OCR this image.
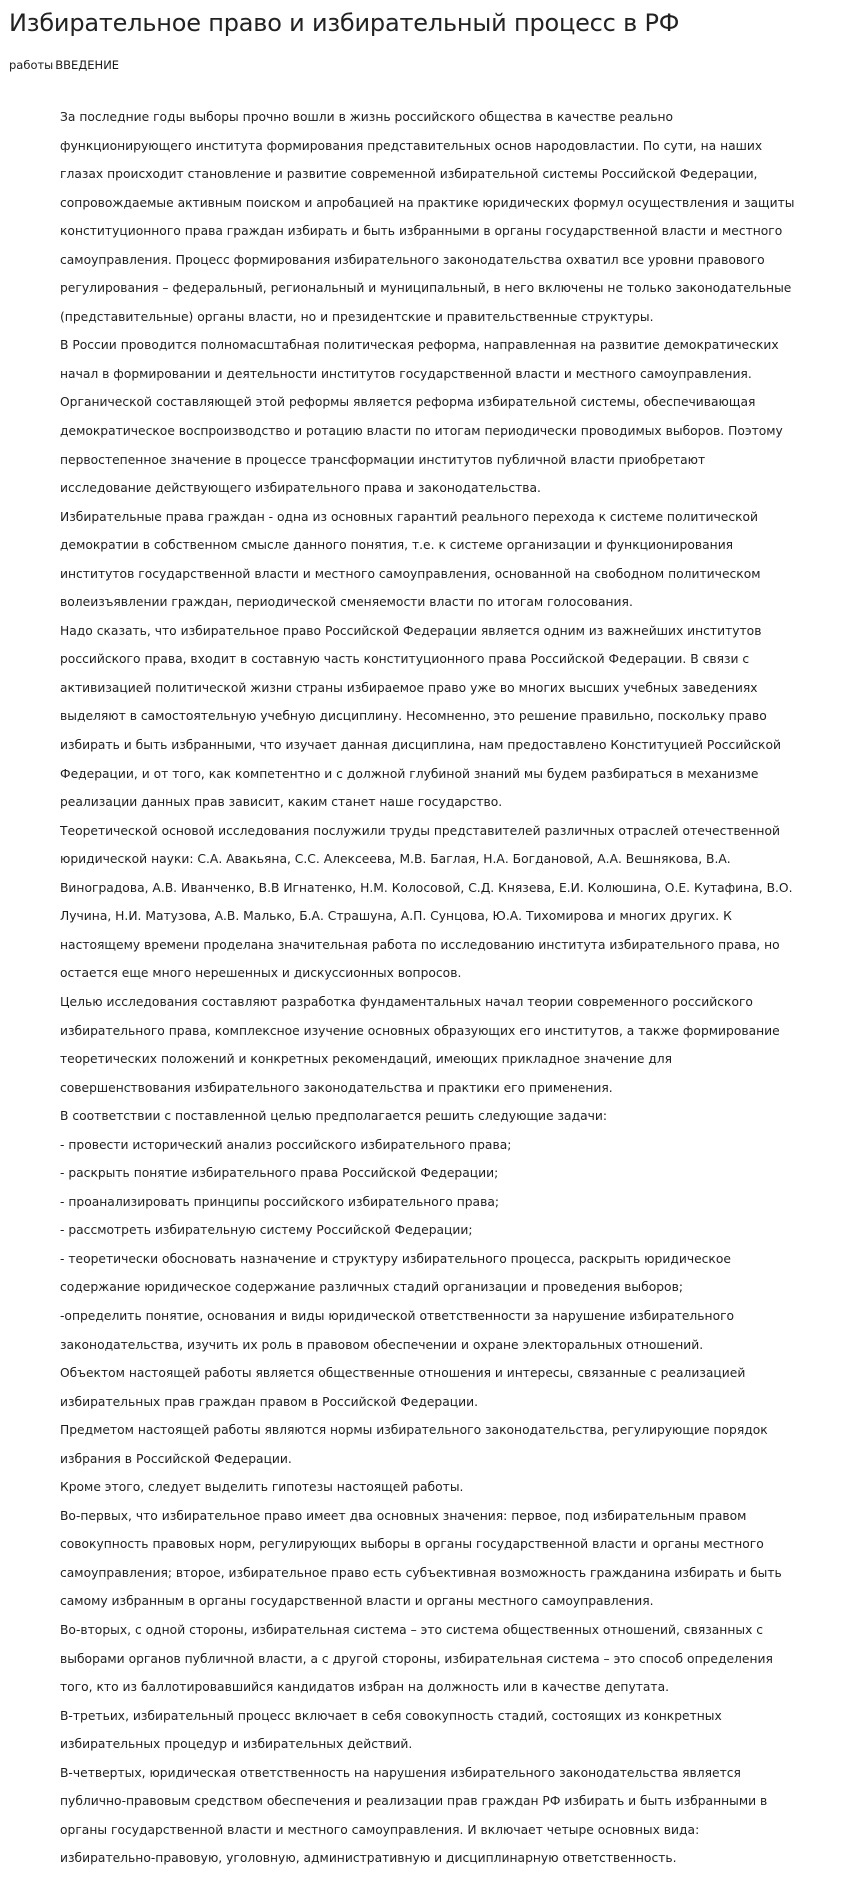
Избирательное право и избирательный процесс в РФ
работы ВВЕДЕНИЕ

За последние годы выборы прочно вошли в жизнь российского общества в качестве реально

функционирующего института формирования представительных основ народовластии. По сути, на наших

глазах происходит становление и развитие современной избирательной системы Российской Федерации,

сопровождаемые активным поиском и апробацией на практике юридических формул осуществления и защиты

конституционного права граждан избирать и быть избранными в органы государственной власти и местного

самоуправления. Процесс формирования избирательного законодательства охватил все уровни правового

регулирования – федеральный, региональный и муниципальный, в него включены не только законодательные

(представительные) органы власти, но и президентские и правительственные структуры.

В России проводится полномасштабная политическая реформа, направленная на развитие демократических

начал в формировании и деятельности институтов государственной власти и местного самоуправления.

Органической составляющей этой реформы является реформа избирательной системы, обеспечивающая

демократическое воспроизводство и ротацию власти по итогам периодически проводимых выборов. Поэтому

первостепенное значение в процессе трансформации институтов публичной власти приобретают

исследование действующего избирательного права и законодательства.

Избирательные права граждан - одна из основных гарантий реального перехода к системе политической

демократии в собственном смысле данного понятия, т.е. к системе организации и функционирования

институтов государственной власти и местного самоуправления, основанной на свободном политическом

волеизъявлении граждан, периодической сменяемости власти по итогам голосования.

Надо сказать, что избирательное право Российской Федерации является одним из важнейших институтов

российского права, входит в составную часть конституционного права Российской Федерации. В связи с

активизацией политической жизни страны избираемое право уже во многих высших учебных заведениях

выделяют в самостоятельную учебную дисциплину. Несомненно, это решение правильно, поскольку право

избирать и быть избранными, что изучает данная дисциплина, нам предоставлено Конституцией Российской

Федерации, и от того, как компетентно и с должной глубиной знаний мы будем разбираться в механизме

реализации данных прав зависит, каким станет наше государство.

Теоретической основой исследования послужили труды представителей различных отраслей отечественной

юридической науки: С.А. Авакьяна, С.С. Алексеева, М.В. Баглая, Н.А. Богдановой, А.А. Вешнякова, В.А.

Виноградова, А.В. Иванченко, В.В Игнатенко, Н.М. Колосовой, С.Д. Князева, Е.И. Колюшина, О.Е. Кутафина, В.О.

Лучина, Н.И. Матузова, А.В. Малько, Б.А. Страшуна, А.П. Сунцова, Ю.А. Тихомирова и многих других. К

настоящему времени проделана значительная работа по исследованию института избирательного права, но

остается еще много нерешенных и дискуссионных вопросов.

Целью исследования составляют разработка фундаментальных начал теории современного российского

избирательного права, комплексное изучение основных образующих его институтов, а также формирование

теоретических положений и конкретных рекомендаций, имеющих прикладное значение для

совершенствования избирательного законодательства и практики его применения.

В соответствии с поставленной целью предполагается решить следующие задачи:

- провести исторический анализ российского избирательного права;

- раскрыть понятие избирательного права Российской Федерации;

- проанализировать принципы российского избирательного права;

- рассмотреть избирательную систему Российской Федерации;

- теоретически обосновать назначение и структуру избирательного процесса, раскрыть юридическое

содержание юридическое содержание различных стадий организации и проведения выборов;

-определить понятие, основания и виды юридической ответственности за нарушение избирательного

законодательства, изучить их роль в правовом обеспечении и охране электоральных отношений.

Объектом настоящей работы является общественные отношения и интересы, связанные с реализацией

избирательных прав граждан правом в Российской Федерации.

Предметом настоящей работы являются нормы избирательного законодательства, регулирующие порядок

избрания в Российской Федерации.

Кроме этого, следует выделить гипотезы настоящей работы.

Во-первых, что избирательное право имеет два основных значения: первое, под избирательным правом

совокупность правовых норм, регулирующих выборы в органы государственной власти и органы местного

самоуправления; второе, избирательное право есть субъективная возможность гражданина избирать и быть

самому избранным в органы государственной власти и органы местного самоуправления.

Во-вторых, с одной стороны, избирательная система – это система общественных отношений, связанных с

выборами органов публичной власти, а с другой стороны, избирательная система – это способ определения

того, кто из баллотировавшийся кандидатов избран на должность или в качестве депутата.

В-третьих, избирательный процесс включает в себя совокупность стадий, состоящих из конкретных

избирательных процедур и избирательных действий.

В-четвертых, юридическая ответственность на нарушения избирательного законодательства является

публично-правовым средством обеспечения и реализации прав граждан РФ избирать и быть избранными в

органы государственной власти и местного самоуправления. И включает четыре основных вида:

избирательно-правовую, уголовную, административную и дисциплинарную ответственность.
